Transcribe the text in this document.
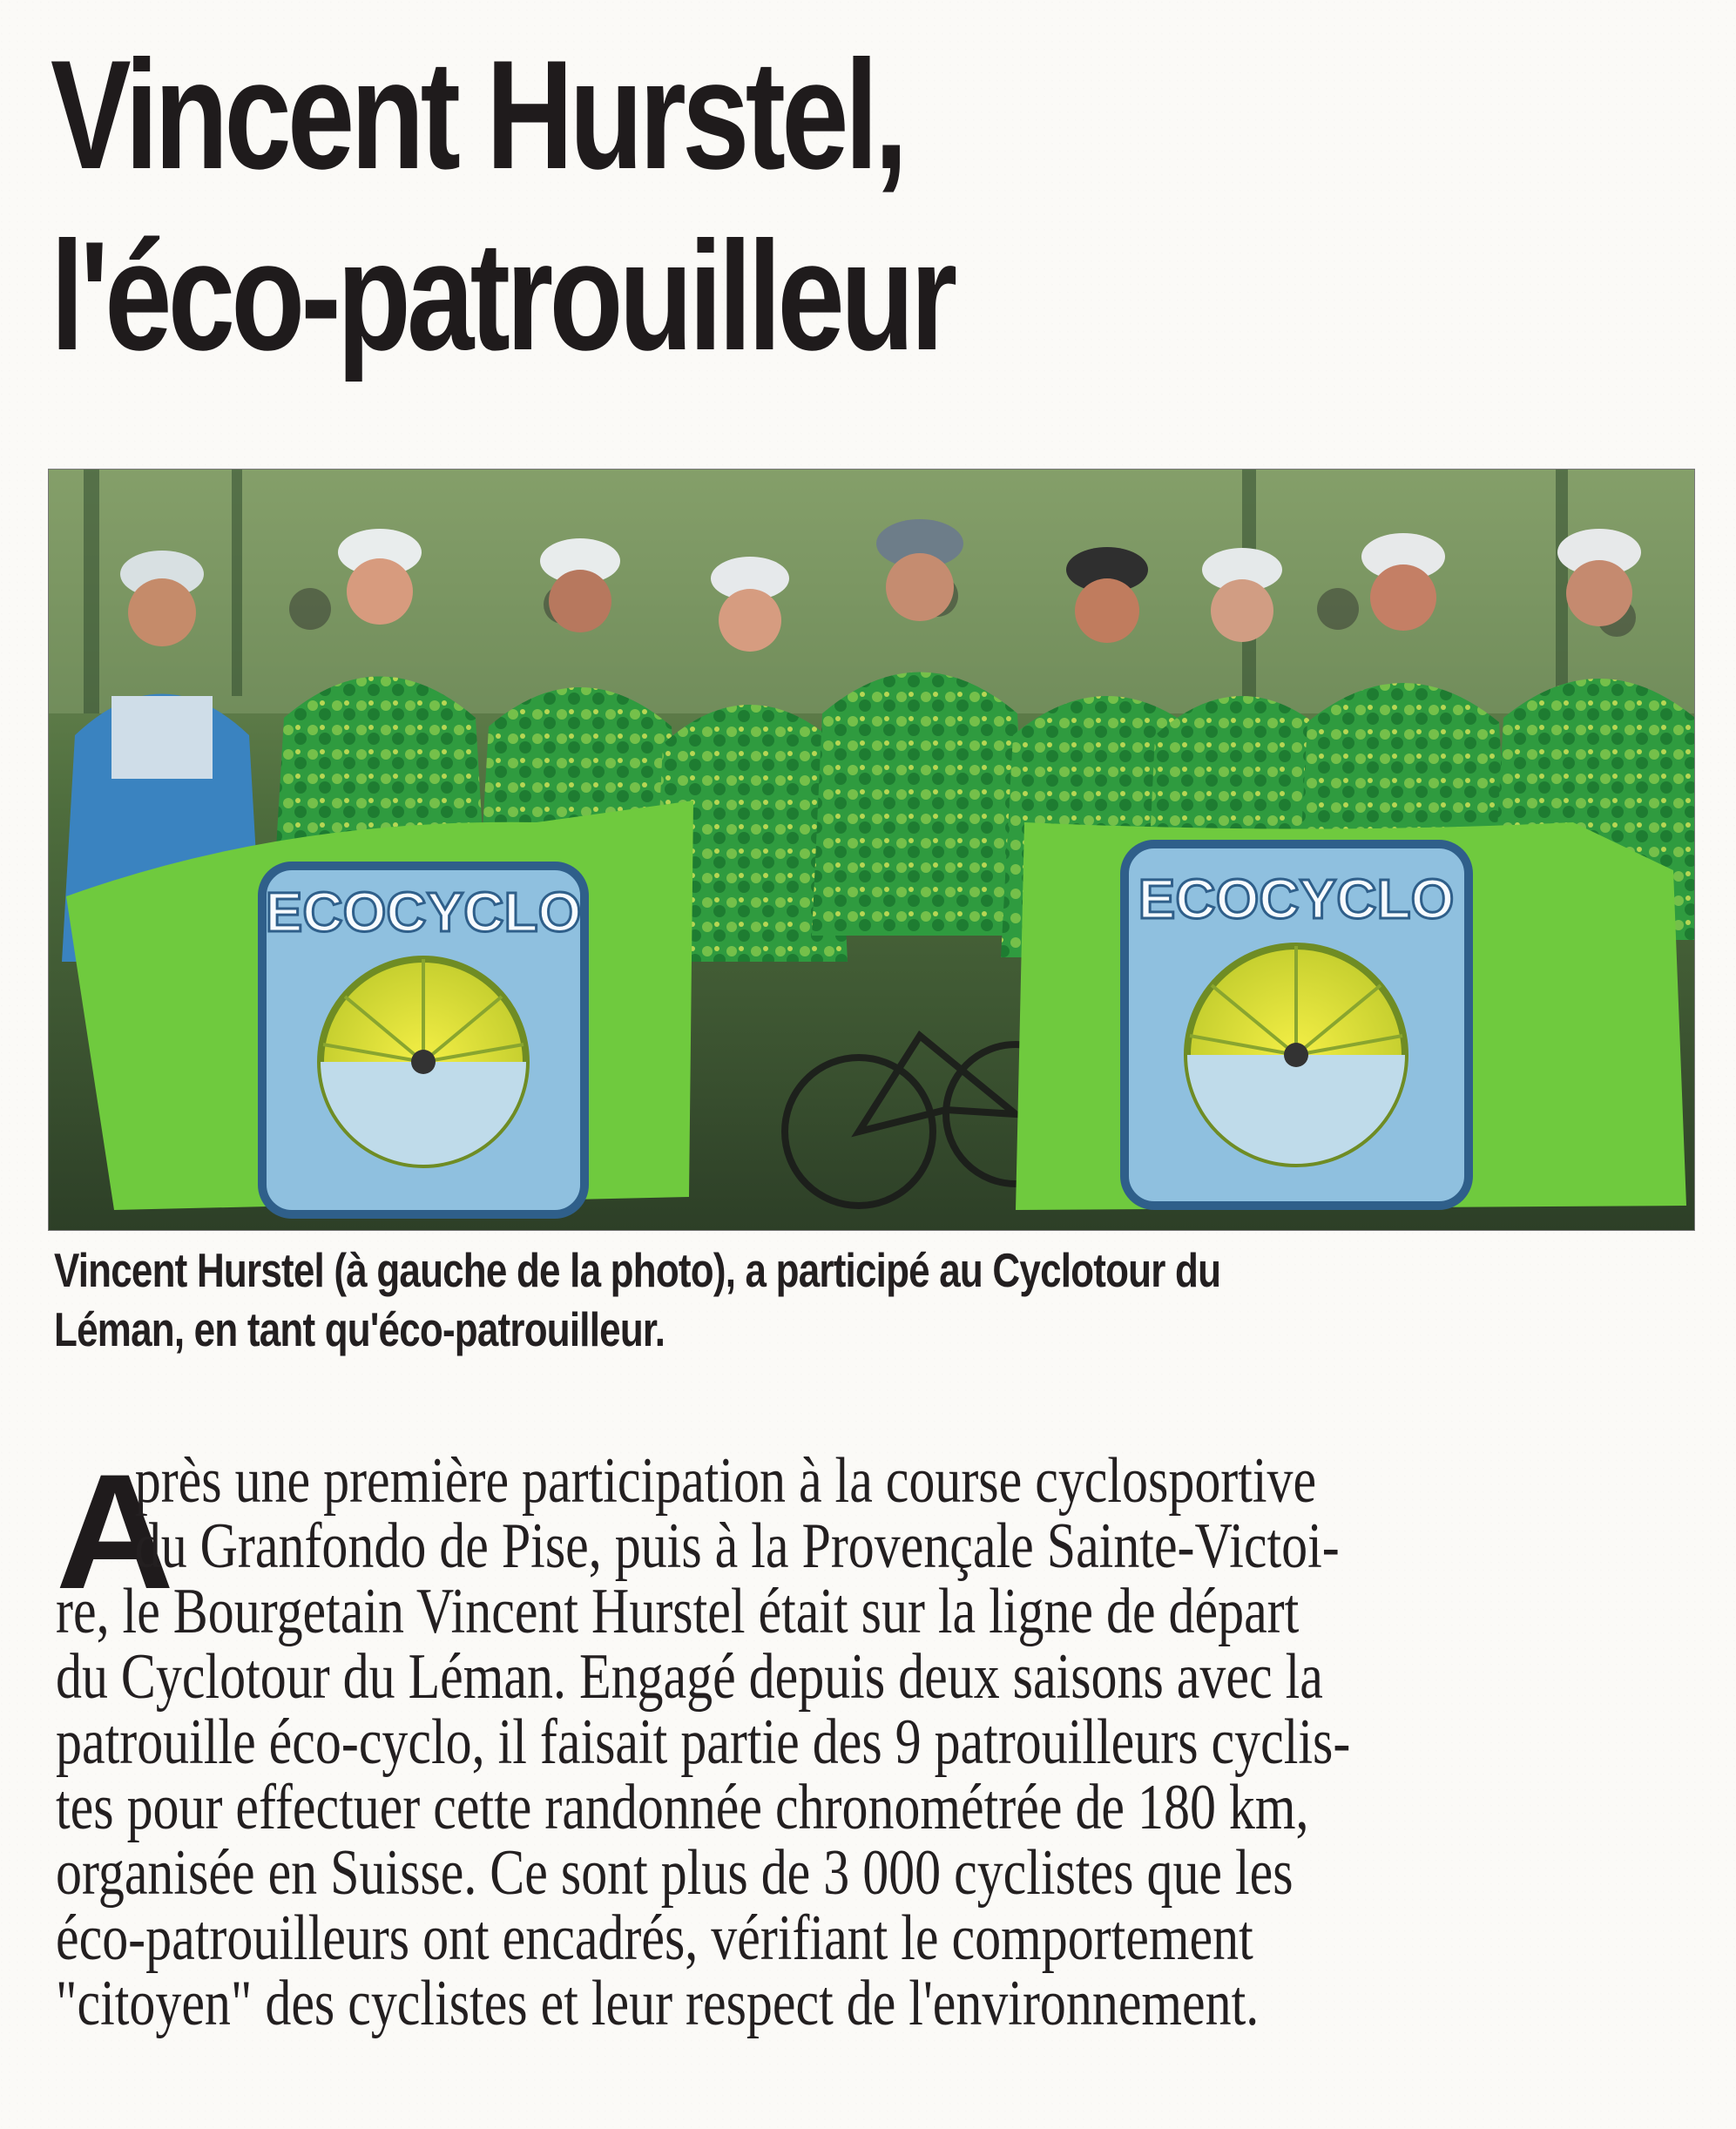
Vincent Hurstel,
l'éco-patrouilleur
ECOCYCLO	ECOCYCLO

Vincent Hurstel (à gauche de la photo), a participé au Cyclotour du
Léman, en tant qu'éco-patrouilleur.

A
près une première participation à la course cyclosportive
du Granfondo de Pise, puis à la Provençale Sainte-Victoi-
re, le Bourgetain Vincent Hurstel était sur la ligne de départ
du Cyclotour du Léman. Engagé depuis deux saisons avec la
patrouille éco-cyclo, il faisait partie des 9 patrouilleurs cyclis-
tes pour effectuer cette randonnée chronométrée de 180 km,
organisée en Suisse. Ce sont plus de 3 000 cyclistes que les
éco-patrouilleurs ont encadrés, vérifiant le comportement
"citoyen" des cyclistes et leur respect de l'environnement.
